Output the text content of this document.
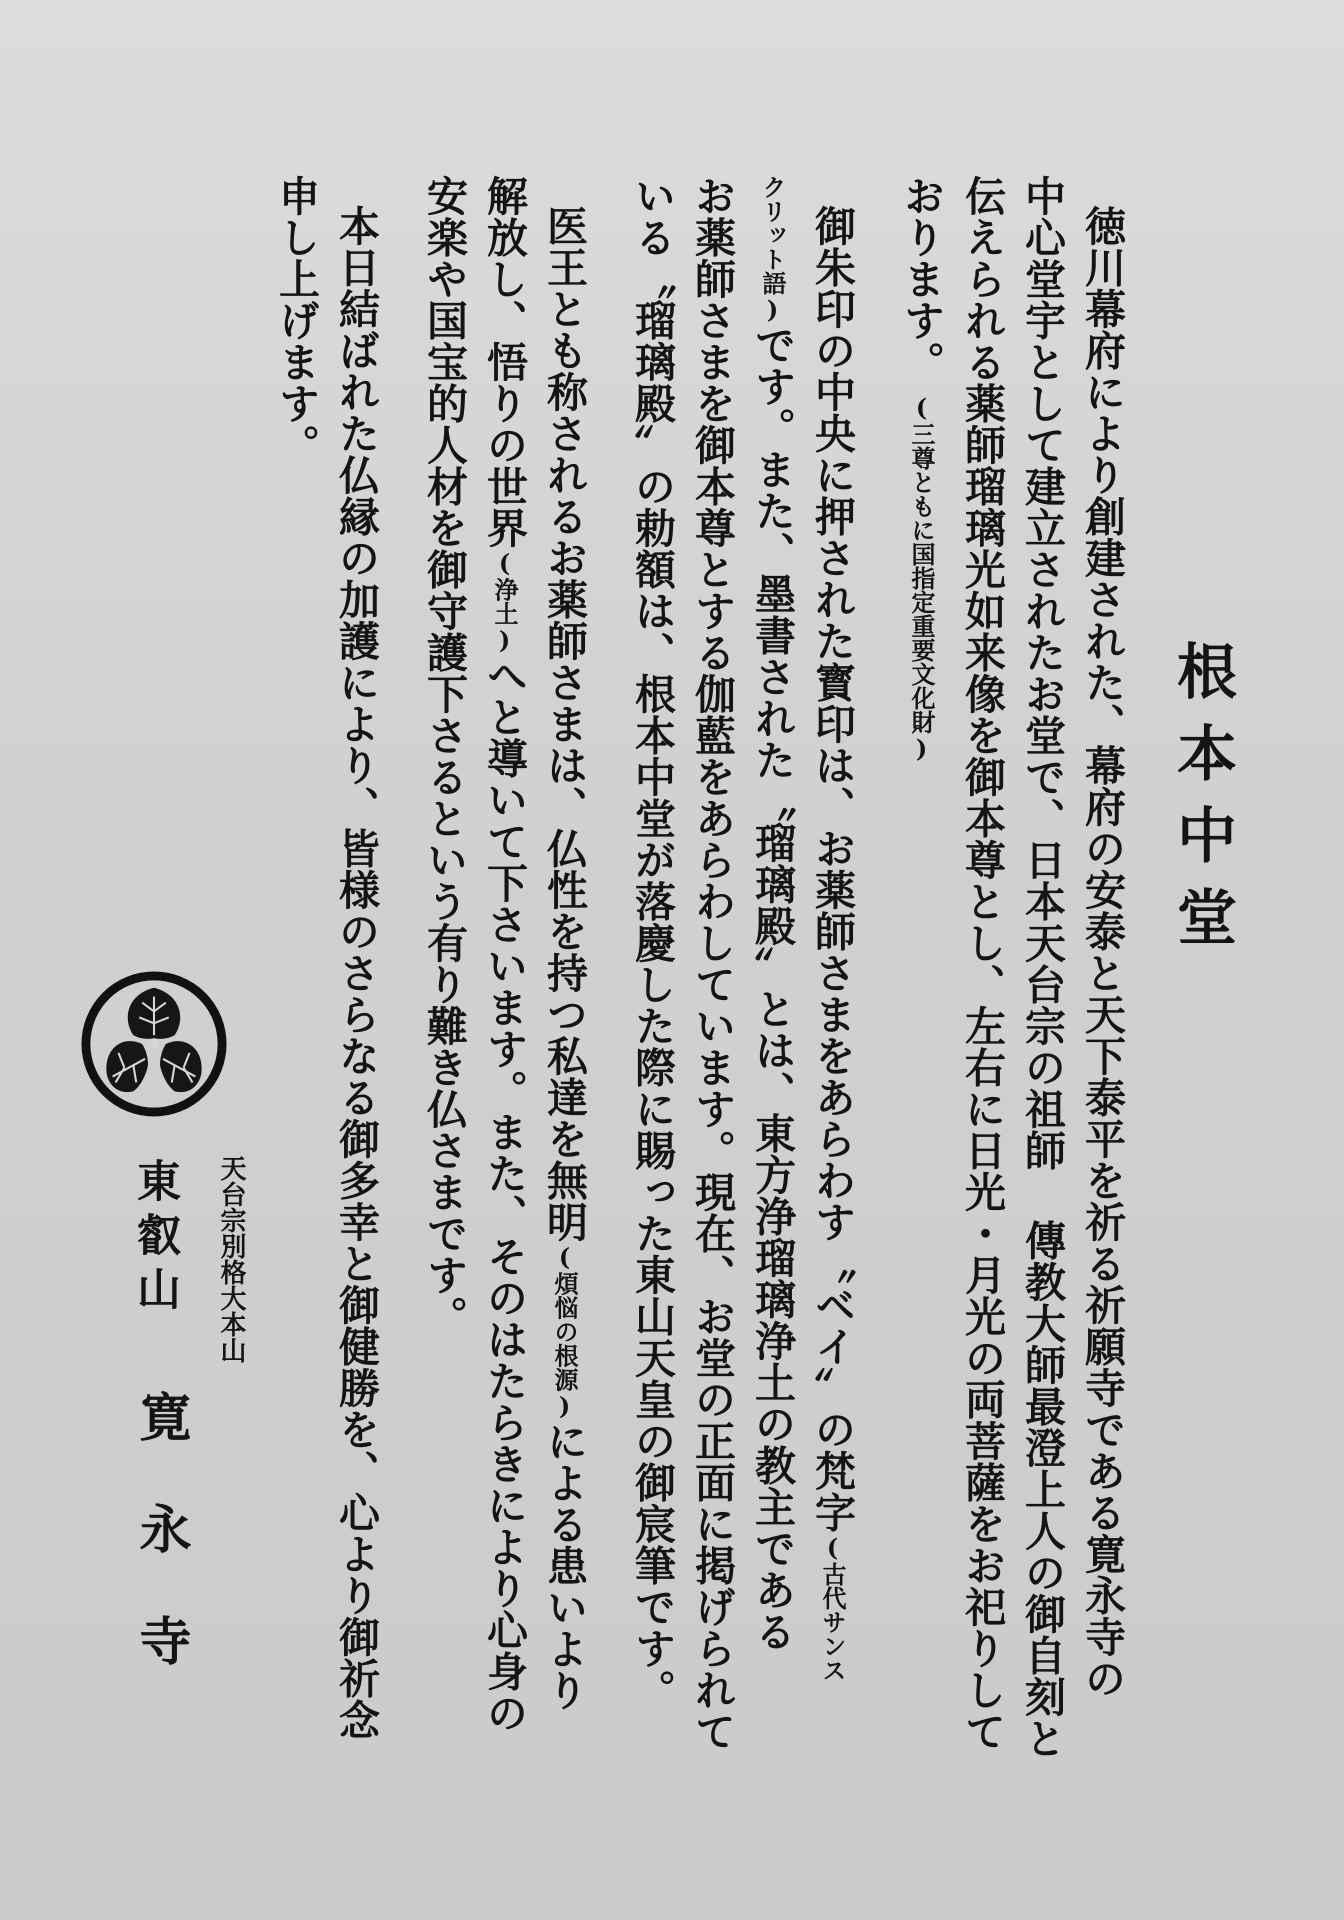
根本中堂
徳川幕府により創建された、幕府の安泰と天下泰平を祈る祈願寺である寛永寺の
中心堂宇として建立されたお堂で、日本天台宗の祖師 傳教大師最澄上人の御自刻と
伝えられる薬師瑠璃光如来像を御本尊とし、左右に日光・月光の両菩薩をお祀りして
おります。(三尊ともに国指定重要文化財)
御朱印の中央に押された寳印は、お薬師さまをあらわす〝ベイ〟の梵字(古代サンス
クリット語)です。また、墨書された〝瑠璃殿〟とは、東方浄瑠璃浄土の教主である
お薬師さまを御本尊とする伽藍をあらわしています。現在、お堂の正面に掲げられて
いる〝瑠璃殿〟の勅額は、根本中堂が落慶した際に賜った東山天皇の御宸筆です。
医王とも称されるお薬師さまは、仏性を持つ私達を無明(煩悩の根源)による患いより
解放し、悟りの世界(浄土)へと導いて下さいます。また、そのはたらきにより心身の
安楽や国宝的人材を御守護下さるという有り難き仏さまです。
本日結ばれた仏縁の加護により、皆様のさらなる御多幸と御健勝を、心より御祈念
申し上げます。
天台宗別格大本山
東叡山
寛永寺
